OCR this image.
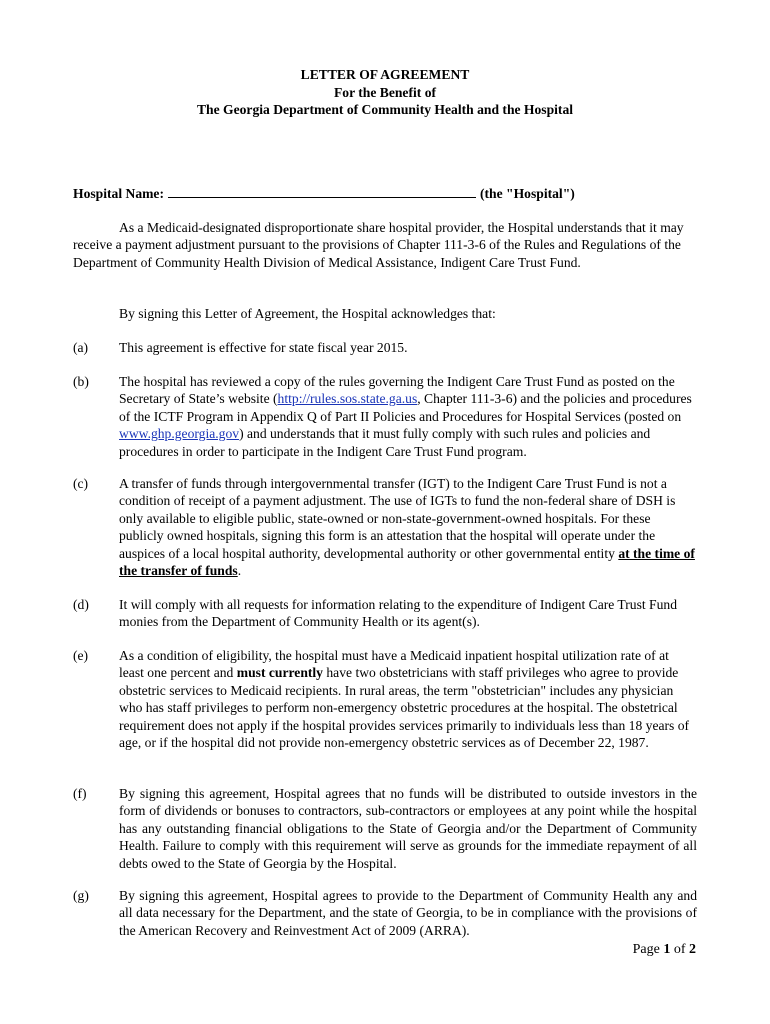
LETTER OF AGREEMENT
For the Benefit of
The Georgia Department of Community Health and the Hospital
Hospital Name:	(the "Hospital")
As a Medicaid-designated disproportionate share hospital provider, the Hospital understands that it may receive a payment adjustment pursuant to the provisions of Chapter 111-3-6 of the Rules and Regulations of the Department of Community Health Division of Medical Assistance, Indigent Care Trust Fund.
By signing this Letter of Agreement, the Hospital acknowledges that:
(a)	This agreement is effective for state fiscal year 2015.
(b)	The hospital has reviewed a copy of the rules governing the Indigent Care Trust Fund as posted on the Secretary of State’s website (http://rules.sos.state.ga.us, Chapter 111-3-6) and the policies and procedures of the ICTF Program in Appendix Q of Part II Policies and Procedures for Hospital Services (posted on www.ghp.georgia.gov) and understands that it must fully comply with such rules and policies and procedures in order to participate in the Indigent Care Trust Fund program.
(c)	A transfer of funds through intergovernmental transfer (IGT) to the Indigent Care Trust Fund is not a condition of receipt of a payment adjustment. The use of IGTs to fund the non-federal share of DSH is only available to eligible public, state-owned or non-state-government-owned hospitals. For these publicly owned hospitals, signing this form is an attestation that the hospital will operate under the auspices of a local hospital authority, developmental authority or other governmental entity at the time of the transfer of funds.
(d)	It will comply with all requests for information relating to the expenditure of Indigent Care Trust Fund monies from the Department of Community Health or its agent(s).
(e)	As a condition of eligibility, the hospital must have a Medicaid inpatient hospital utilization rate of at least one percent and must currently have two obstetricians with staff privileges who agree to provide obstetric services to Medicaid recipients. In rural areas, the term "obstetrician" includes any physician who has staff privileges to perform non-emergency obstetric procedures at the hospital. The obstetrical requirement does not apply if the hospital provides services primarily to individuals less than 18 years of age, or if the hospital did not provide non-emergency obstetric services as of December 22, 1987.
(f)	By signing this agreement, Hospital agrees that no funds will be distributed to outside investors in the form of dividends or bonuses to contractors, sub-contractors or employees at any point while the hospital has any outstanding financial obligations to the State of Georgia and/or the Department of Community Health. Failure to comply with this requirement will serve as grounds for the immediate repayment of all debts owed to the State of Georgia by the Hospital.
(g)	By signing this agreement, Hospital agrees to provide to the Department of Community Health any and all data necessary for the Department, and the state of Georgia, to be in compliance with the provisions of the American Recovery and Reinvestment Act of 2009 (ARRA).
Page 1 of 2
